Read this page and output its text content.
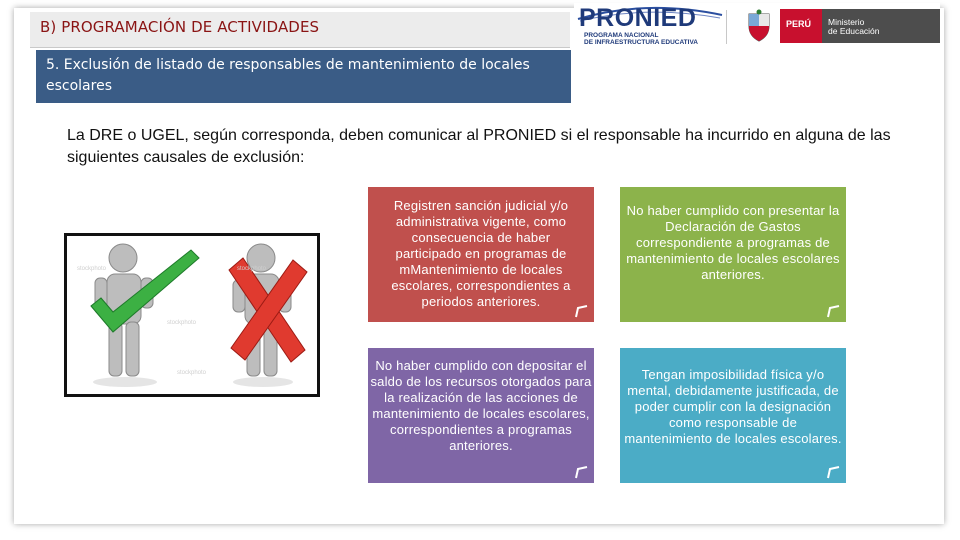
B) PROGRAMACIÓN DE ACTIVIDADES
5. Exclusión de listado de responsables de mantenimiento de locales escolares
PRONIED
PROGRAMA NACIONAL
DE INFRAESTRUCTURA EDUCATIVA
PERÚ	Ministerio
de Educación

La DRE o UGEL, según corresponda, deben comunicar al PRONIED si el responsable ha incurrido en alguna de las siguientes causales de exclusión:

stockphoto
stockphoto
stockphoto
stockphoto
Registren sanción judicial y/o administrativa vigente, como consecuencia de haber participado en programas de mMantenimiento de locales escolares, correspondientes a periodos anteriores.
No haber cumplido con presentar la Declaración de Gastos correspondiente a programas de mantenimiento de locales escolares anteriores.
No haber cumplido con depositar el saldo de los recursos otorgados para la realización de las acciones de mantenimiento de locales escolares, correspondientes a programas anteriores.
Tengan imposibilidad física y/o mental, debidamente justificada, de poder cumplir con la designación como responsable de mantenimiento de locales escolares.
